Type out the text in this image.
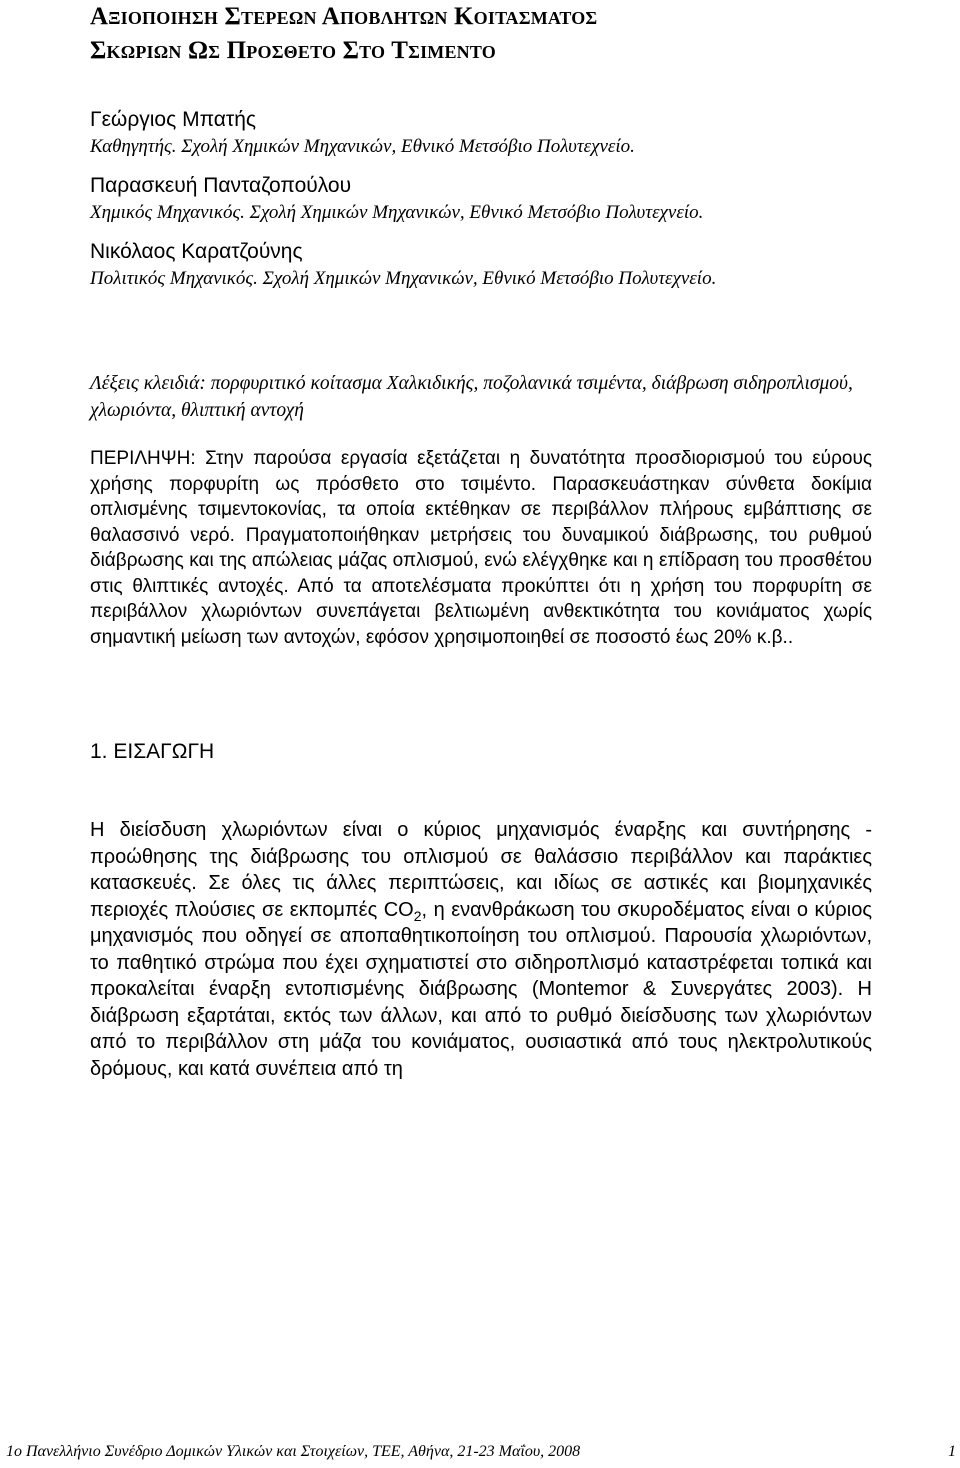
Αξιοποιηση Στερεων Αποβλητων Κοιτασματος
Σκωριων Ως Προσθετο Στο Τσιμεντο
Γεώργιος Μπατής
Καθηγητής. Σχολή Χημικών Μηχανικών, Εθνικό Μετσόβιο Πολυτεχνείο.
Παρασκευή Πανταζοπούλου
Χημικός Μηχανικός. Σχολή Χημικών Μηχανικών, Εθνικό Μετσόβιο Πολυτεχνείο.
Νικόλαος Καρατζούνης
Πολιτικός Μηχανικός. Σχολή Χημικών Μηχανικών, Εθνικό Μετσόβιο Πολυτεχνείο.
Λέξεις κλειδιά: πορφυριτικό κοίτασμα Χαλκιδικής, ποζολανικά τσιμέντα, διάβρωση σιδηροπλισμού, χλωριόντα, θλιπτική αντοχή
ΠΕΡΙΛΗΨΗ: Στην παρούσα εργασία εξετάζεται η δυνατότητα προσδιορισμού του εύρους χρήσης πορφυρίτη ως πρόσθετο στο τσιμέντο. Παρασκευάστηκαν σύνθετα δοκίμια οπλισμένης τσιμεντοκονίας, τα οποία εκτέθηκαν σε περιβάλλον πλήρους εμβάπτισης σε θαλασσινό νερό. Πραγματοποιήθηκαν μετρήσεις του δυναμικού διάβρωσης, του ρυθμού διάβρωσης και της απώλειας μάζας οπλισμού, ενώ ελέγχθηκε και η επίδραση του προσθέτου στις θλιπτικές αντοχές. Από τα αποτελέσματα προκύπτει ότι η χρήση του πορφυρίτη σε περιβάλλον χλωριόντων συνεπάγεται βελτιωμένη ανθεκτικότητα του κονιάματος χωρίς σημαντική μείωση των αντοχών, εφόσον χρησιμοποιηθεί σε ποσοστό έως 20% κ.β..
1. ΕΙΣΑΓΩΓΗ
Η διείσδυση χλωριόντων είναι ο κύριος μηχανισμός έναρξης και συντήρησης - προώθησης της διάβρωσης του οπλισμού σε θαλάσσιο περιβάλλον και παράκτιες κατασκευές. Σε όλες τις άλλες περιπτώσεις, και ιδίως σε αστικές και βιομηχανικές περιοχές πλούσιες σε εκπομπές $CO_2$, η ενανθράκωση του σκυροδέματος είναι ο κύριος μηχανισμός που οδηγεί σε αποπαθητικοποίηση του οπλισμού. Παρουσία χλωριόντων, το παθητικό στρώμα που έχει σχηματιστεί στο σιδηροπλισμό καταστρέφεται τοπικά και προκαλείται έναρξη εντοπισμένης διάβρωσης (Montemor & Συνεργάτες 2003). Η διάβρωση εξαρτάται, εκτός των άλλων, και από το ρυθμό διείσδυσης των χλωριόντων από το περιβάλλον στη μάζα του κονιάματος, ουσιαστικά από τους ηλεκτρολυτικούς δρόμους, και κατά συνέπεια από τη
1ο Πανελλήνιο Συνέδριο Δομικών Υλικών και Στοιχείων, ΤΕΕ, Αθήνα, 21-23 Μαΐου, 2008	1
